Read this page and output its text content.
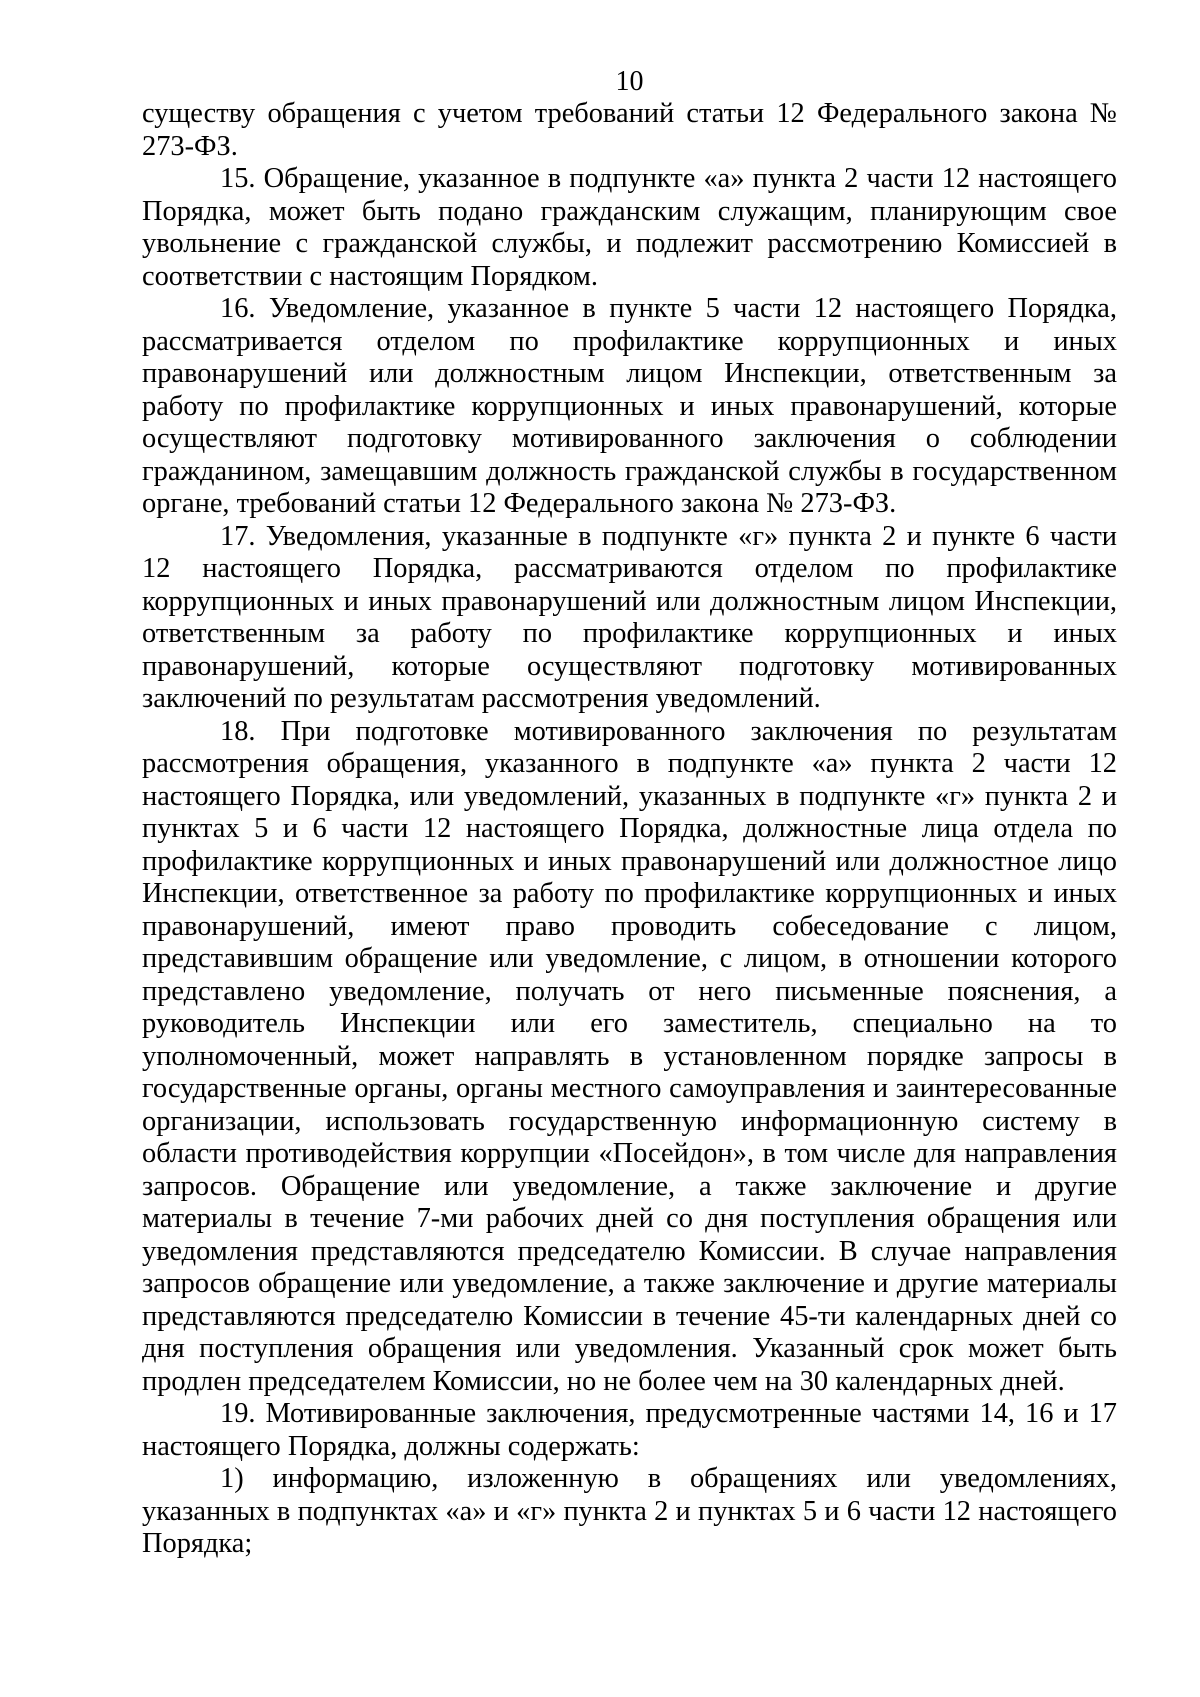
10

существу обращения с учетом требований статьи 12 Федерального закона № 273-ФЗ.

15. Обращение, указанное в подпункте «а» пункта 2 части 12 настоящего Порядка, может быть подано гражданским служащим, планирующим свое увольнение с гражданской службы, и подлежит рассмотрению Комиссией в соответствии с настоящим Порядком.

16. Уведомление, указанное в пункте 5 части 12 настоящего Порядка, рассматривается отделом по профилактике коррупционных и иных правонарушений или должностным лицом Инспекции, ответственным за работу по профилактике коррупционных и иных правонарушений, которые осуществляют подготовку мотивированного заключения о соблюдении гражданином, замещавшим должность гражданской службы в государственном органе, требований статьи 12 Федерального закона № 273-ФЗ.

17. Уведомления, указанные в подпункте «г» пункта 2 и пункте 6 части 12 настоящего Порядка, рассматриваются отделом по профилактике коррупционных и иных правонарушений или должностным лицом Инспекции, ответственным за работу по профилактике коррупционных и иных правонарушений, которые осуществляют подготовку мотивированных заключений по результатам рассмотрения уведомлений.

18. При подготовке мотивированного заключения по результатам рассмотрения обращения, указанного в подпункте «а» пункта 2 части 12 настоящего Порядка, или уведомлений, указанных в подпункте «г» пункта 2 и пунктах 5 и 6 части 12 настоящего Порядка, должностные лица отдела по профилактике коррупционных и иных правонарушений или должностное лицо Инспекции, ответственное за работу по профилактике коррупционных и иных правонарушений, имеют право проводить собеседование с лицом, представившим обращение или уведомление, с лицом, в отношении которого представлено уведомление, получать от него письменные пояснения, а руководитель Инспекции или его заместитель, специально на то уполномоченный, может направлять в установленном порядке запросы в государственные органы, органы местного самоуправления и заинтересованные организации, использовать государственную информационную систему в области противодействия коррупции «Посейдон», в том числе для направления запросов. Обращение или уведомление, а также заключение и другие материалы в течение 7-ми рабочих дней со дня поступления обращения или уведомления представляются председателю Комиссии. В случае направления запросов обращение или уведомление, а также заключение и другие материалы представляются председателю Комиссии в течение 45-ти календарных дней со дня поступления обращения или уведомления. Указанный срок может быть продлен председателем Комиссии, но не более чем на 30 календарных дней.

19. Мотивированные заключения, предусмотренные частями 14, 16 и 17 настоящего Порядка, должны содержать:

1) информацию, изложенную в обращениях или уведомлениях, указанных в подпунктах «а» и «г» пункта 2 и пунктах 5 и 6 части 12 настоящего Порядка;
